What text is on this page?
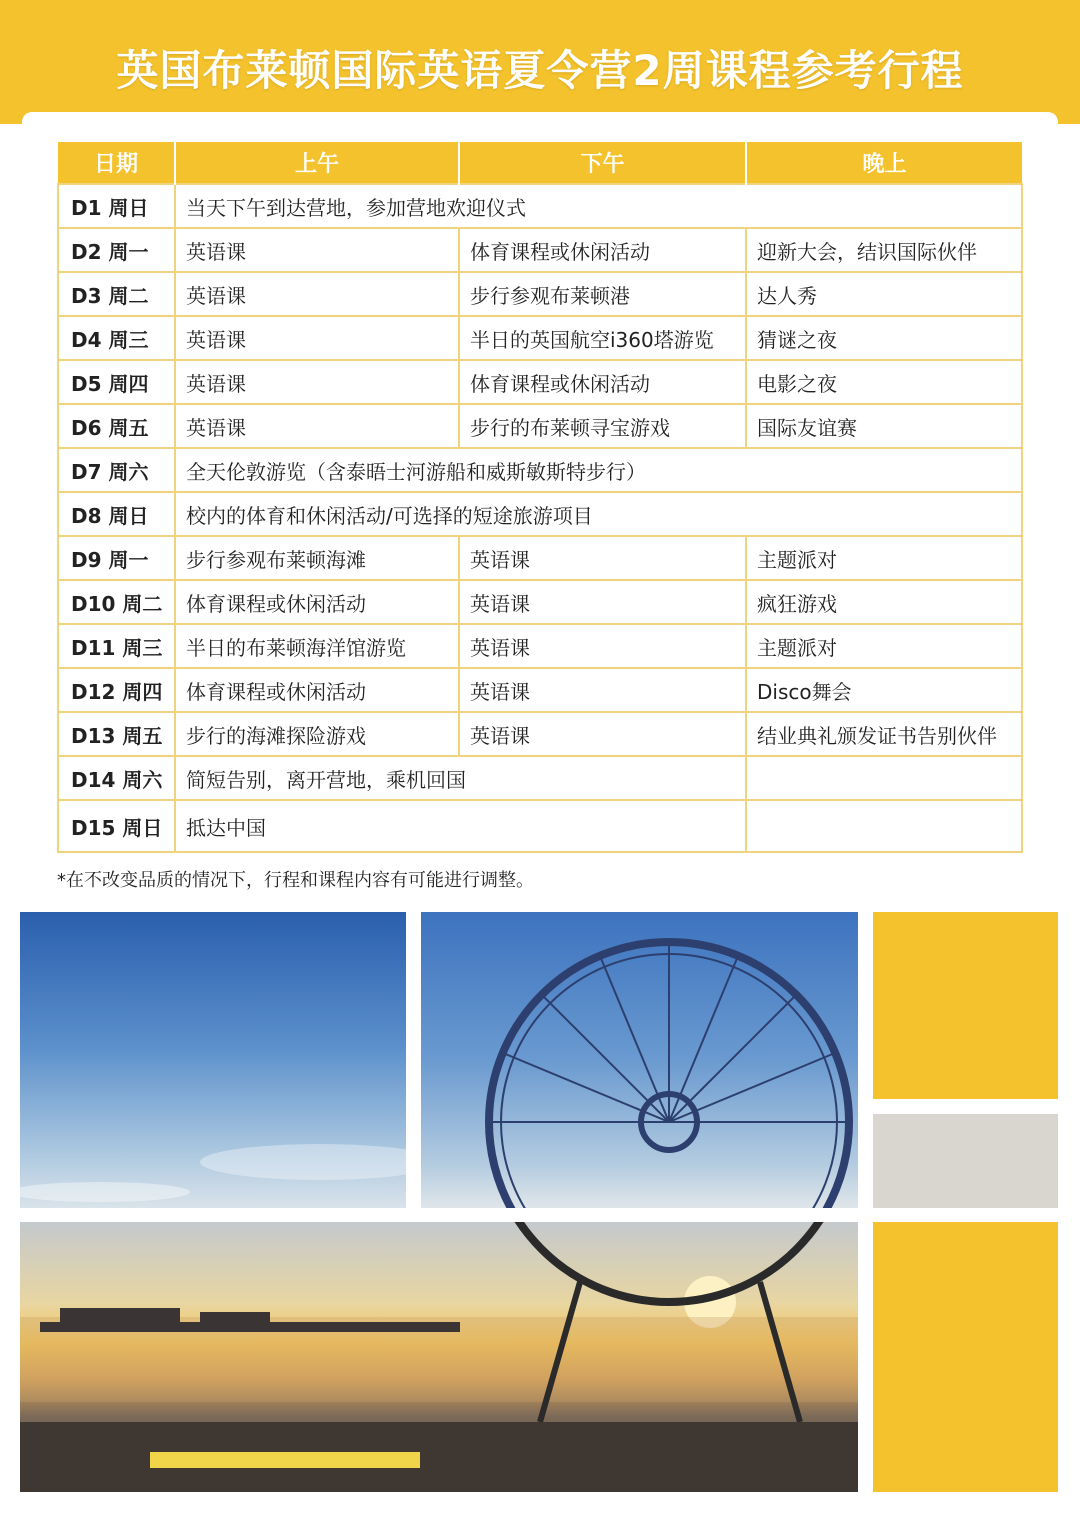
英国布莱顿国际英语夏令营2周课程参考行程
日期	上午	下午	晚上
D1 周日	当天下午到达营地，参加营地欢迎仪式		
D2 周一	英语课	体育课程或休闲活动	迎新大会，结识国际伙伴
D3 周二	英语课	步行参观布莱顿港	达人秀
D4 周三	英语课	半日的英国航空i360塔游览	猜谜之夜
D5 周四	英语课	体育课程或休闲活动	电影之夜
D6 周五	英语课	步行的布莱顿寻宝游戏	国际友谊赛
D7 周六	全天伦敦游览（含泰晤士河游船和威斯敏斯特步行）		
D8 周日	校内的体育和休闲活动/可选择的短途旅游项目		
D9 周一	步行参观布莱顿海滩	英语课	主题派对
D10 周二	体育课程或休闲活动	英语课	疯狂游戏
D11 周三	半日的布莱顿海洋馆游览	英语课	主题派对
D12 周四	体育课程或休闲活动	英语课	Disco舞会
D13 周五	步行的海滩探险游戏	英语课	结业典礼颁发证书告别伙伴
D14 周六	简短告别，离开营地，乘机回国		
D15 周日	抵达中国		
*在不改变品质的情况下，行程和课程内容有可能进行调整。
